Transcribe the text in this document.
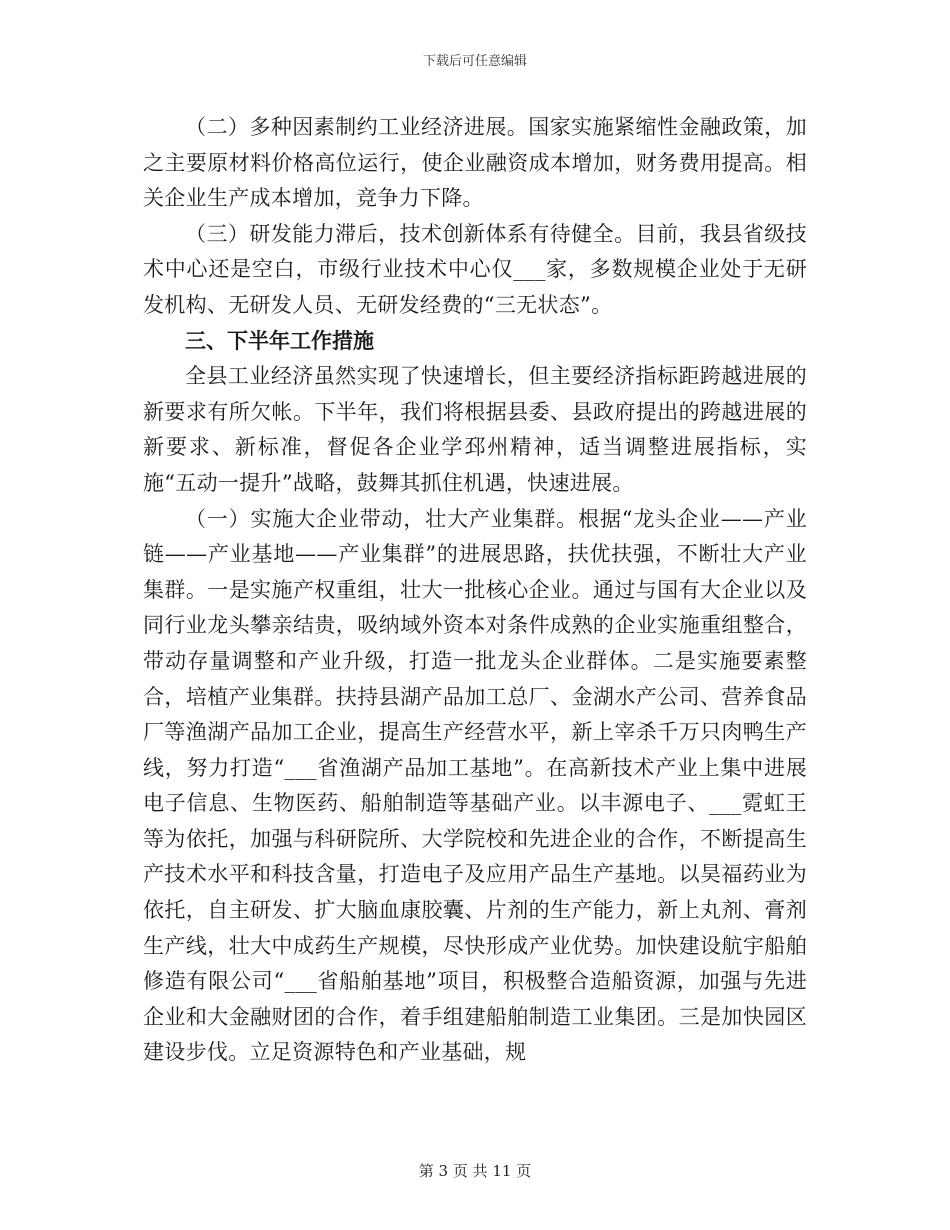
下载后可任意编辑

（二）多种因素制约工业经济进展。国家实施紧缩性金融政策，加之主要原材料价格高位运行，使企业融资成本增加，财务费用提高。相关企业生产成本增加，竞争力下降。

（三）研发能力滞后，技术创新体系有待健全。目前，我县省级技术中心还是空白，市级行业技术中心仅___家，多数规模企业处于无研发机构、无研发人员、无研发经费的“三无状态”。

三、下半年工作措施

全县工业经济虽然实现了快速增长，但主要经济指标距跨越进展的新要求有所欠帐。下半年，我们将根据县委、县政府提出的跨越进展的新要求、新标准，督促各企业学邳州精神，适当调整进展指标，实施“五动一提升”战略，鼓舞其抓住机遇，快速进展。

（一）实施大企业带动，壮大产业集群。根据“龙头企业——产业链——产业基地——产业集群”的进展思路，扶优扶强，不断壮大产业集群。一是实施产权重组，壮大一批核心企业。通过与国有大企业以及同行业龙头攀亲结贵，吸纳域外资本对条件成熟的企业实施重组整合，带动存量调整和产业升级，打造一批龙头企业群体。二是实施要素整合，培植产业集群。扶持县湖产品加工总厂、金湖水产公司、营养食品厂等渔湖产品加工企业，提高生产经营水平，新上宰杀千万只肉鸭生产线，努力打造“___省渔湖产品加工基地”。在高新技术产业上集中进展电子信息、生物医药、船舶制造等基础产业。以丰源电子、___霓虹王等为依托，加强与科研院所、大学院校和先进企业的合作，不断提高生产技术水平和科技含量，打造电子及应用产品生产基地。以昊福药业为依托，自主研发、扩大脑血康胶囊、片剂的生产能力，新上丸剂、膏剂生产线，壮大中成药生产规模，尽快形成产业优势。加快建设航宇船舶修造有限公司“___省船舶基地”项目，积极整合造船资源，加强与先进企业和大金融财团的合作，着手组建船舶制造工业集团。三是加快园区建设步伐。立足资源特色和产业基础，规

第 3 页 共 11 页
